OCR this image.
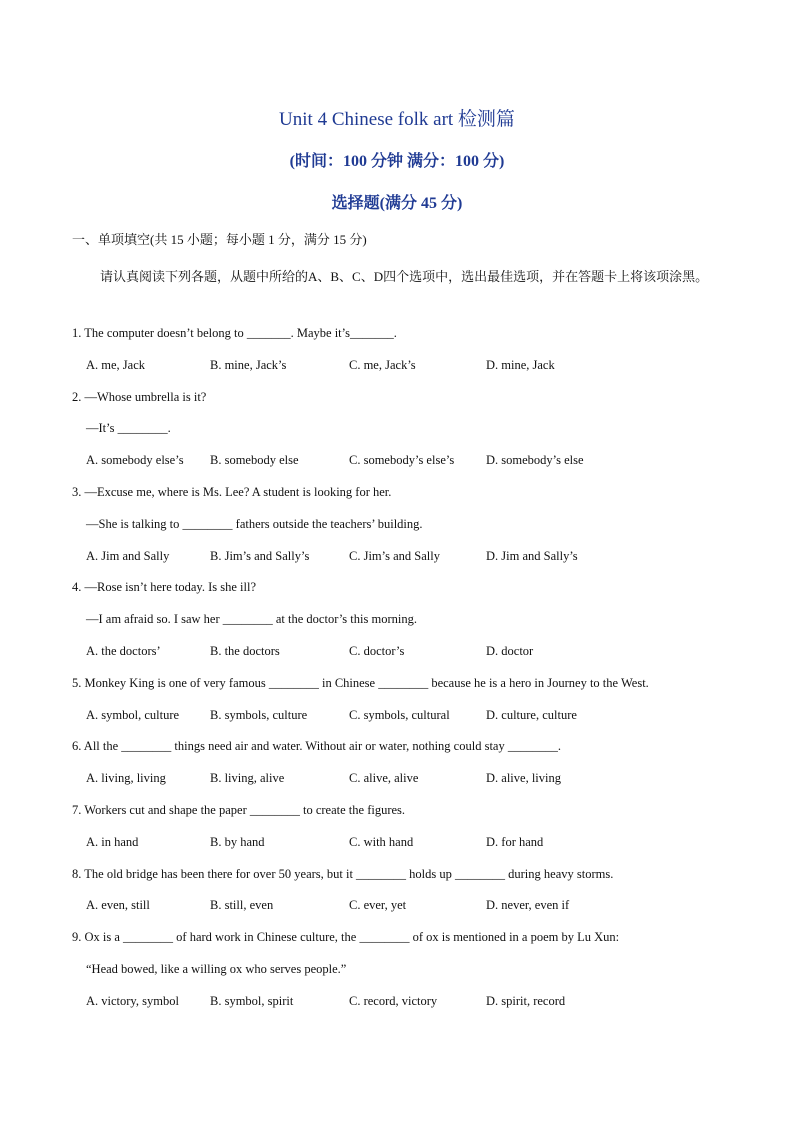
Unit 4 Chinese folk art 检测篇
(时间：100 分钟 满分：100 分)
选择题(满分 45 分)
一、单项填空(共 15 小题；每小题 1 分，满分 15 分)
请认真阅读下列各题，从题中所给的A、B、C、D四个选项中，选出最佳选项，并在答题卡上将该项涂黑。
1. The computer doesn’t belong to _______. Maybe it’s_______.
A. me, Jack	B. mine, Jack’s	C. me, Jack’s	D. mine, Jack
2. —Whose umbrella is it?
—It’s ________.
A. somebody else’s B. somebody else	C. somebody’s else’s	D. somebody’s else
3. —Excuse me, where is Ms. Lee? A student is looking for her.
—She is talking to ________ fathers outside the teachers’ building.
A. Jim and Sally	B. Jim’s and Sally’s	C. Jim’s and Sally	D. Jim and Sally’s
4. —Rose isn’t here today. Is she ill?
—I am afraid so. I saw her ________ at the doctor’s this morning.
A. the doctors’	B. the doctors	C. doctor’s	D. doctor
5. Monkey King is one of very famous ________ in Chinese ________ because he is a hero in Journey to the West.
A. symbol, culture B. symbols, culture	C. symbols, cultural	D. culture, culture
6. All the ________ things need air and water. Without air or water, nothing could stay ________.
A. living, living	B. living, alive	C. alive, alive	D. alive, living
7. Workers cut and shape the paper ________ to create the figures.
A. in hand	B. by hand	C. with hand	D. for hand
8. The old bridge has been there for over 50 years, but it ________ holds up ________ during heavy storms.
A. even, still	B. still, even	C. ever, yet	D. never, even if
9. Ox is a ________ of hard work in Chinese culture, the ________ of ox is mentioned in a poem by Lu Xun:
“Head bowed, like a willing ox who serves people.”
A. victory, symbol B. symbol, spirit	C. record, victory	D. spirit, record
